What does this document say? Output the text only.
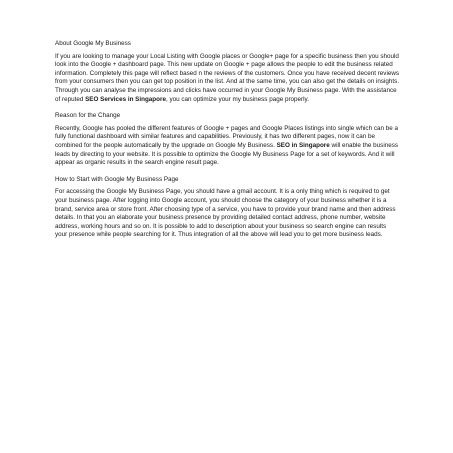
About Google My Business

If you are looking to manage your Local Listing with Google places or Google+ page for a specific business then you should look into the Google + dashboard page. This new update on Google + page allows the people to edit the business related information. Completely this page will reflect based n the reviews of the customers. Once you have received decent reviews from your consumers then you can get top position in the list. And at the same time, you can also get the details on insights. Through you can analyse the impressions and clicks have occurred in your Google My Business page. With the assistance of reputed SEO Services in Singapore, you can optimize your my business page properly.

Reason for the Change

Recently, Google has pooled the different features of Google + pages and Google Places listings into single which can be a fully functional dashboard with similar features and capabilities. Previously, it has two different pages, now it can be combined for the people automatically by the upgrade on Google My Business. SEO in Singapore will enable the business leads by directing to your website. It is possible to optimize the Google My Business Page for a set of keywords. And it will appear as organic results in the search engine result page.

How to Start with Google My Business Page

For accessing the Google My Business Page, you should have a gmail account. It is a only thing which is required to get your business page. After logging into Google account, you should choose the category of your business whether it is a brand, service area or store front. After choosing type of a service, you have to provide your brand name and then address details. In that you an elaborate your business presence by providing detailed contact address, phone number, website address, working hours and so on. It is possible to add to description about your business so search engine can results your presence while people searching for it. Thus integration of all the above will lead you to get more business leads.
